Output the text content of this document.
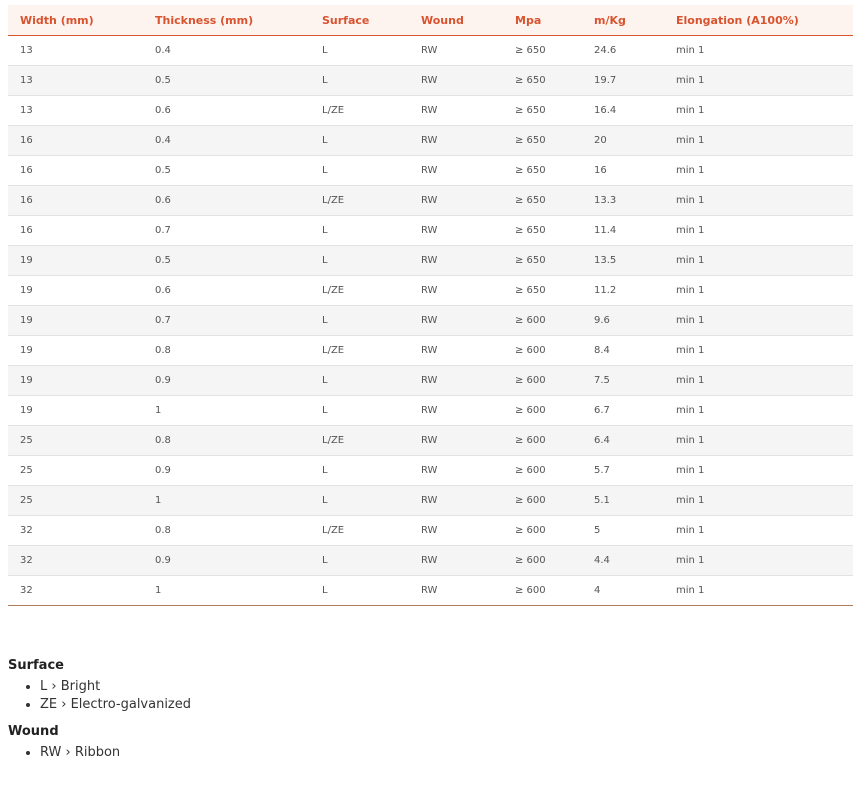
Width (mm)	Thickness (mm)	Surface	Wound	Mpa	m/Kg	Elongation (A100%)
13	0.4	L	RW	≥ 650	24.6	min 1
13	0.5	L	RW	≥ 650	19.7	min 1
13	0.6	L/ZE	RW	≥ 650	16.4	min 1
16	0.4	L	RW	≥ 650	20	min 1
16	0.5	L	RW	≥ 650	16	min 1
16	0.6	L/ZE	RW	≥ 650	13.3	min 1
16	0.7	L	RW	≥ 650	11.4	min 1
19	0.5	L	RW	≥ 650	13.5	min 1
19	0.6	L/ZE	RW	≥ 650	11.2	min 1
19	0.7	L	RW	≥ 600	9.6	min 1
19	0.8	L/ZE	RW	≥ 600	8.4	min 1
19	0.9	L	RW	≥ 600	7.5	min 1
19	1	L	RW	≥ 600	6.7	min 1
25	0.8	L/ZE	RW	≥ 600	6.4	min 1
25	0.9	L	RW	≥ 600	5.7	min 1
25	1	L	RW	≥ 600	5.1	min 1
32	0.8	L/ZE	RW	≥ 600	5	min 1
32	0.9	L	RW	≥ 600	4.4	min 1
32	1	L	RW	≥ 600	4	min 1
Surface
• L › Bright
• ZE › Electro-galvanized
Wound
• RW › Ribbon
